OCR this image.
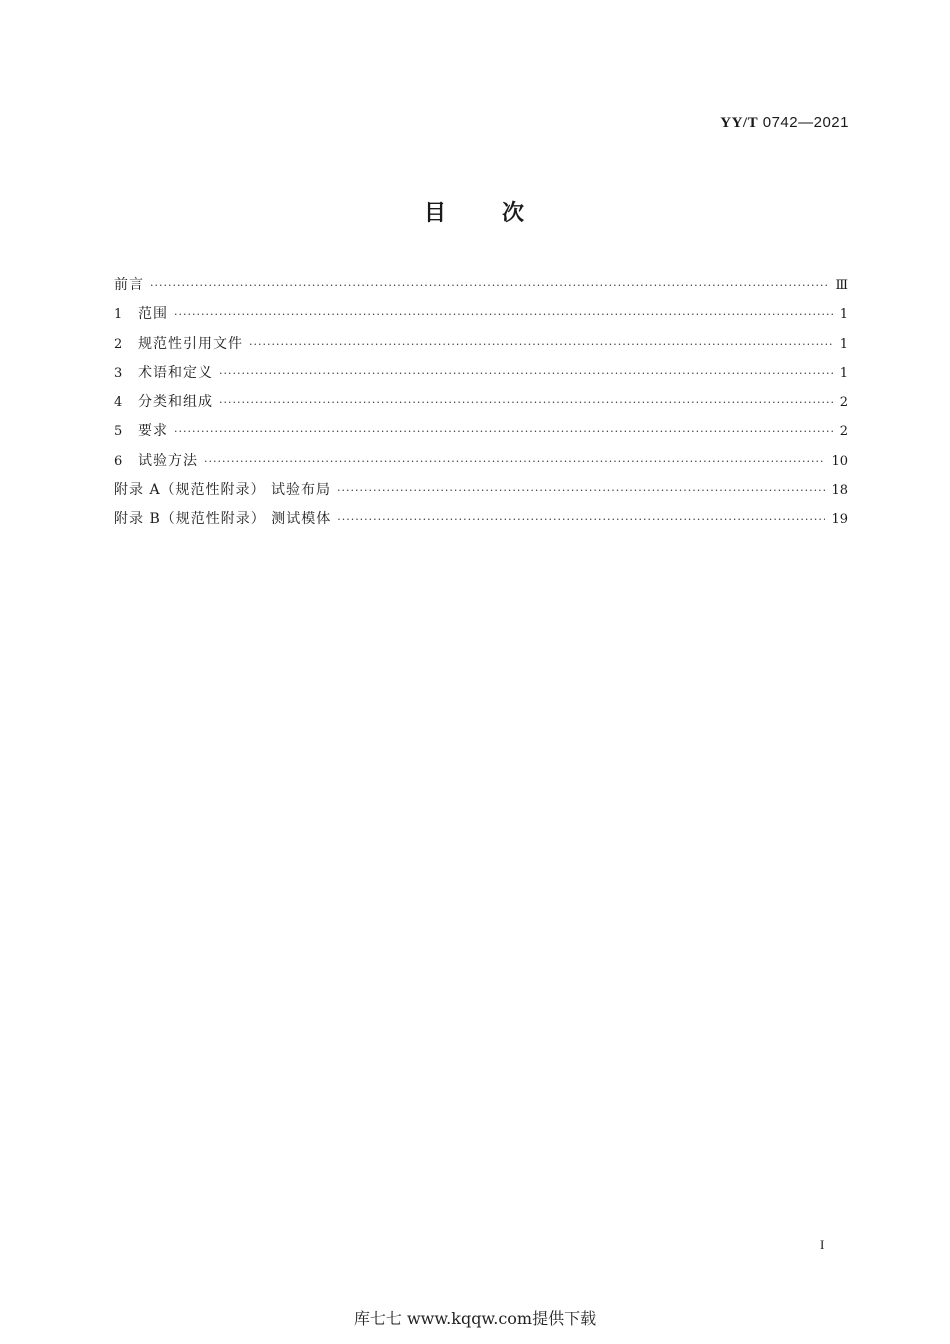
YY/T 0742—2021
目 次
前言 ·····	Ⅲ
1	范围 ·····	1
2	规范性引用文件 ·····	1
3	术语和定义 ·····	1
4	分类和组成 ·····	2
5	要求 ·····	2
6	试验方法 ·····	10
附录 A（规范性附录） 试验布局 ·····	18
附录 B（规范性附录） 测试模体 ·····	19
I
库七七 www.kqqw.com提供下载
